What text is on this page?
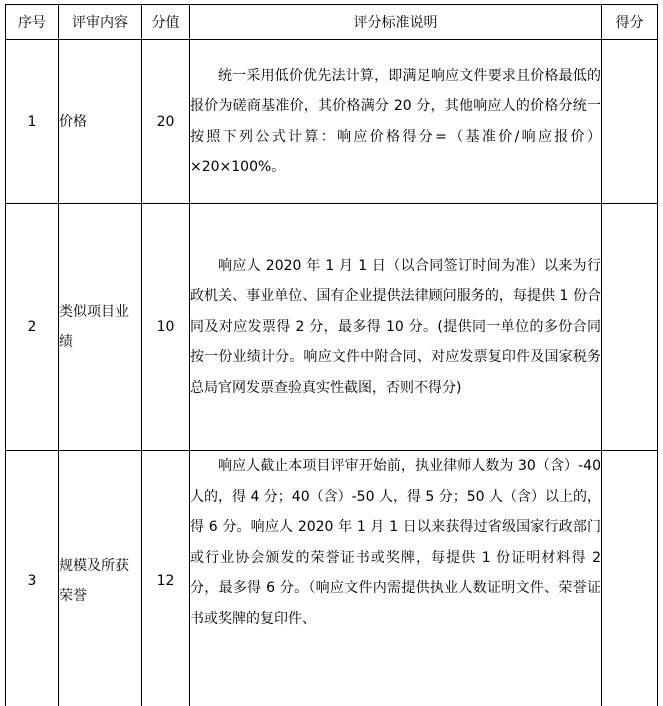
序号	评审内容	分值	评分标准说明	得分
1	价格	20	统一采用低价优先法计算，即满足响应文件要求且价格最低的报价为磋商基准价，其价格满分 20 分，其他响应人的价格分统一按照下列公式计算：响应价格得分=（基准价/响应报价）×20×100%。	

2	类似项目业绩	10	响应人 2020 年 1 月 1 日（以合同签订时间为准）以来为行政机关、事业单位、国有企业提供法律顾问服务的，每提供 1 份合同及对应发票得 2 分，最多得 10 分。(提供同一单位的多份合同按一份业绩计分。响应文件中附合同、对应发票复印件及国家税务总局官网发票查验真实性截图，否则不得分)	

3	规模及所获荣誉	12	响应人截止本项目评审开始前，执业律师人数为 30（含）-40 人的，得 4 分；40（含）-50 人，得 5 分；50 人（含）以上的，得 6 分。响应人 2020 年 1 月 1 日以来获得过省级国家行政部门或行业协会颁发的荣誉证书或奖牌，每提供 1 份证明材料得 2 分，最多得 6 分。（响应文件内需提供执业人数证明文件、荣誉证书或奖牌的复印件、	
